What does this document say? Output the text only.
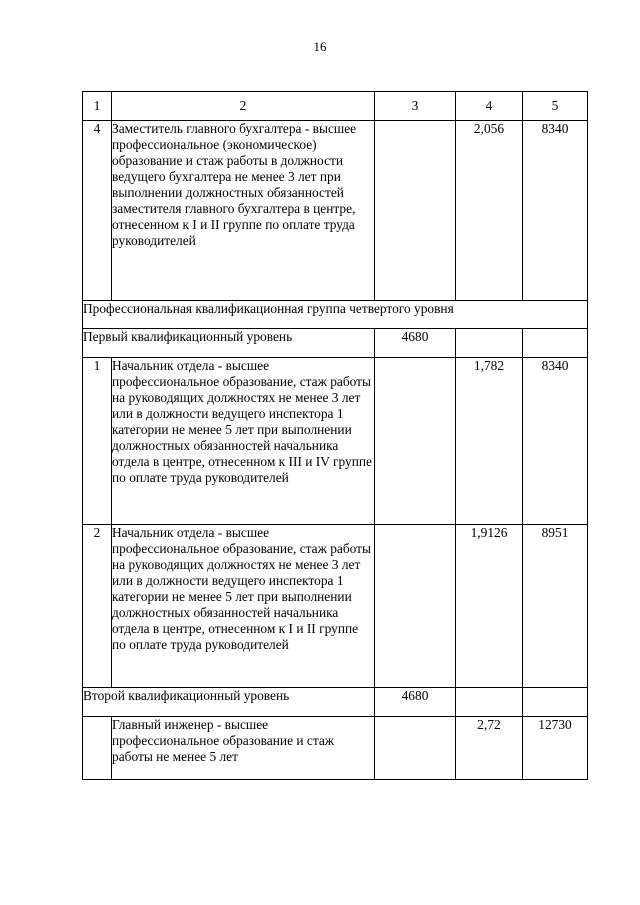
16
1	2	3	4	5
4	Заместитель главного бухгалтера - высшее профессиональное (экономическое) образование и стаж работы в должности ведущего бухгалтера не менее 3 лет при выполнении должностных обязанностей заместителя главного бухгалтера в центре, отнесенном к I и II группе по оплате труда руководителей		2,056	8340
Профессиональная квалификационная группа четвертого уровня				
Первый квалификационный уровень		4680		
1	Начальник отдела - высшее профессиональное образование, стаж работы на руководящих должностях не менее 3 лет или в должности ведущего инспектора 1 категории не менее 5 лет при выполнении должностных обязанностей начальника отдела в центре, отнесенном к III и IV группе по оплате труда руководителей		1,782	8340
2	Начальник отдела - высшее профессиональное образование, стаж работы на руководящих должностях не менее 3 лет или в должности ведущего инспектора 1 категории не менее 5 лет при выполнении должностных обязанностей начальника отдела в центре, отнесенном к I и II группе по оплате труда руководителей		1,9126	8951
Второй квалификационный уровень		4680		
	Главный инженер - высшее профессиональное образование и стаж работы не менее 5 лет		2,72	12730
